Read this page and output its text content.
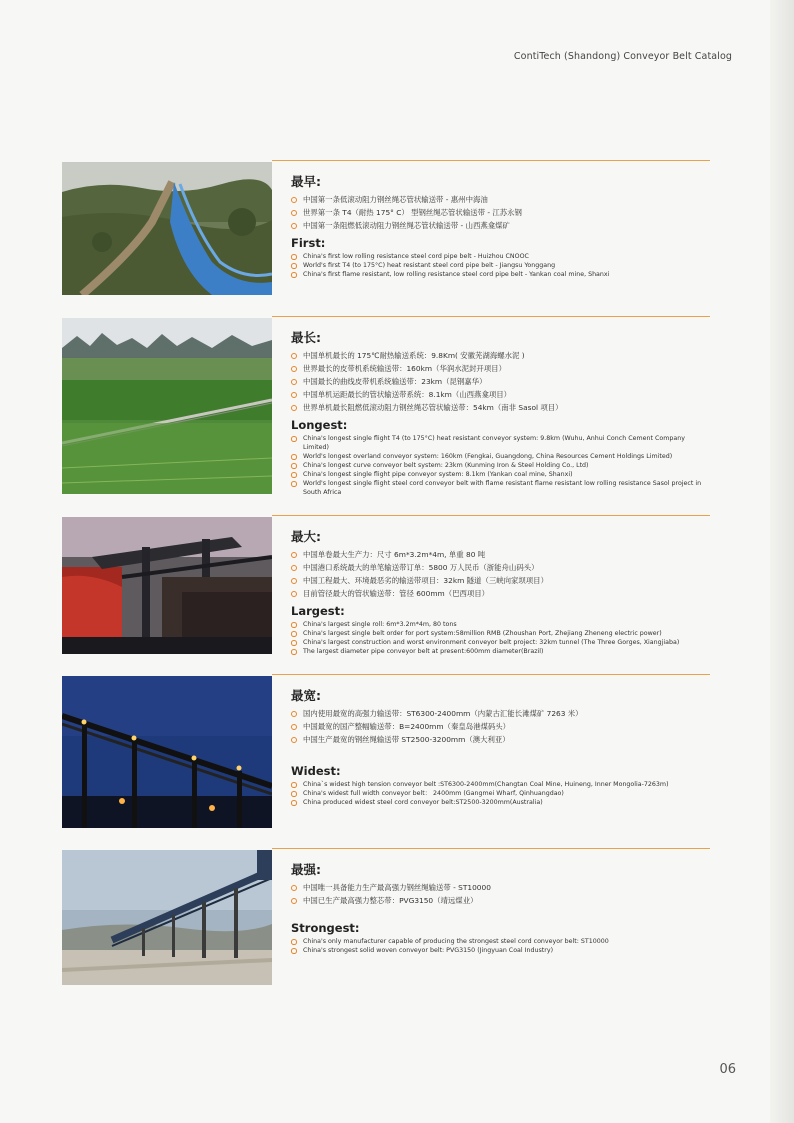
ContiTech (Shandong) Conveyor Belt Catalog
最早:
中国第一条低滚动阻力钢丝绳芯管状输送带 - 惠州中海油
世界第一条 T4（耐热 175° C） 型钢丝绳芯管状输送带 - 江苏永钢
中国第一条阻燃低滚动阻力钢丝绳芯管状输送带 - 山西燕龛煤矿
First:
China's first low rolling resistance steel cord pipe belt - Huizhou CNOOC
World's first T4 (to 175°C) heat resistant steel cord pipe belt - Jiangsu Yonggang
China's first flame resistant, low rolling resistance steel cord pipe belt - Yankan coal mine, Shanxi
最长:
中国单机最长的 175℃耐热输送系统：9.8Km( 安徽芜湖海螺水泥 )
世界最长的皮带机系统输送带：160km（华润水泥封开项目）
中国最长的曲线皮带机系统输送带：23km（昆钢嘉华）
中国单机运距最长的管状输送带系统：8.1km（山西燕龛项目）
世界单机最长阻燃低滚动阻力钢丝绳芯管状输送带：54km（南非 Sasol 项目）
Longest:
China's longest single flight T4 (to 175°C) heat resistant conveyor system: 9.8km (Wuhu, Anhui Conch Cement Company Limited)
World's longest overland conveyor system: 160km (Fengkai, Guangdong, China Resources Cement Holdings Limited)
China's longest curve conveyor belt system: 23km (Kunming Iron & Steel Holding Co., Ltd)
China's longest single flight pipe conveyor system: 8.1km (Yankan coal mine, Shanxi)
World's longest single flight steel cord conveyor belt with flame resistant flame resistant low rolling resistance Sasol project in South Africa
最大:
中国单卷最大生产力：尺寸 6m*3.2m*4m, 单重 80 吨
中国港口系统最大的单笔输送带订单：5800 万人民币（浙能舟山码头）
中国工程最大、环境最恶劣的输送带项目：32km 隧道（三峡向家坝项目）
目前管径最大的管状输送带：管径 600mm（巴西项目）
Largest:
China's largest single roll: 6m*3.2m*4m, 80 tons
China's largest single belt order for port system:58million RMB (Zhoushan Port, Zhejiang Zheneng electric power)
China's largest construction and worst environment conveyor belt project: 32km tunnel (The Three Gorges, Xiangjiaba)
The largest diameter pipe conveyor belt at present:600mm diameter(Brazil)
最宽:
国内使用最宽的高强力输送带：ST6300-2400mm（内蒙古汇能长滩煤矿 7263 米）
中国最宽的国产整幅输送带：B=2400mm（秦皇岛港煤码头）
中国生产最宽的钢丝绳输送带 ST2500-3200mm（澳大利亚）
Widest:
China`s widest high tension conveyor belt :ST6300-2400mm(Changtan Coal Mine, Huineng, Inner Mongolia-7263m)
China's widest full width conveyor belt： 2400mm (Gangmei Wharf, Qinhuangdao)
China produced widest steel cord conveyor belt:ST2500-3200mm(Australia)
最强:
中国唯一具备能力生产最高强力钢丝绳输送带 - ST10000
中国已生产最高强力整芯带：PVG3150（靖远煤业）
Strongest:
China's only manufacturer capable of producing the strongest steel cord conveyor belt: ST10000
China's strongest solid woven conveyor belt: PVG3150 (Jingyuan Coal Industry)
06
